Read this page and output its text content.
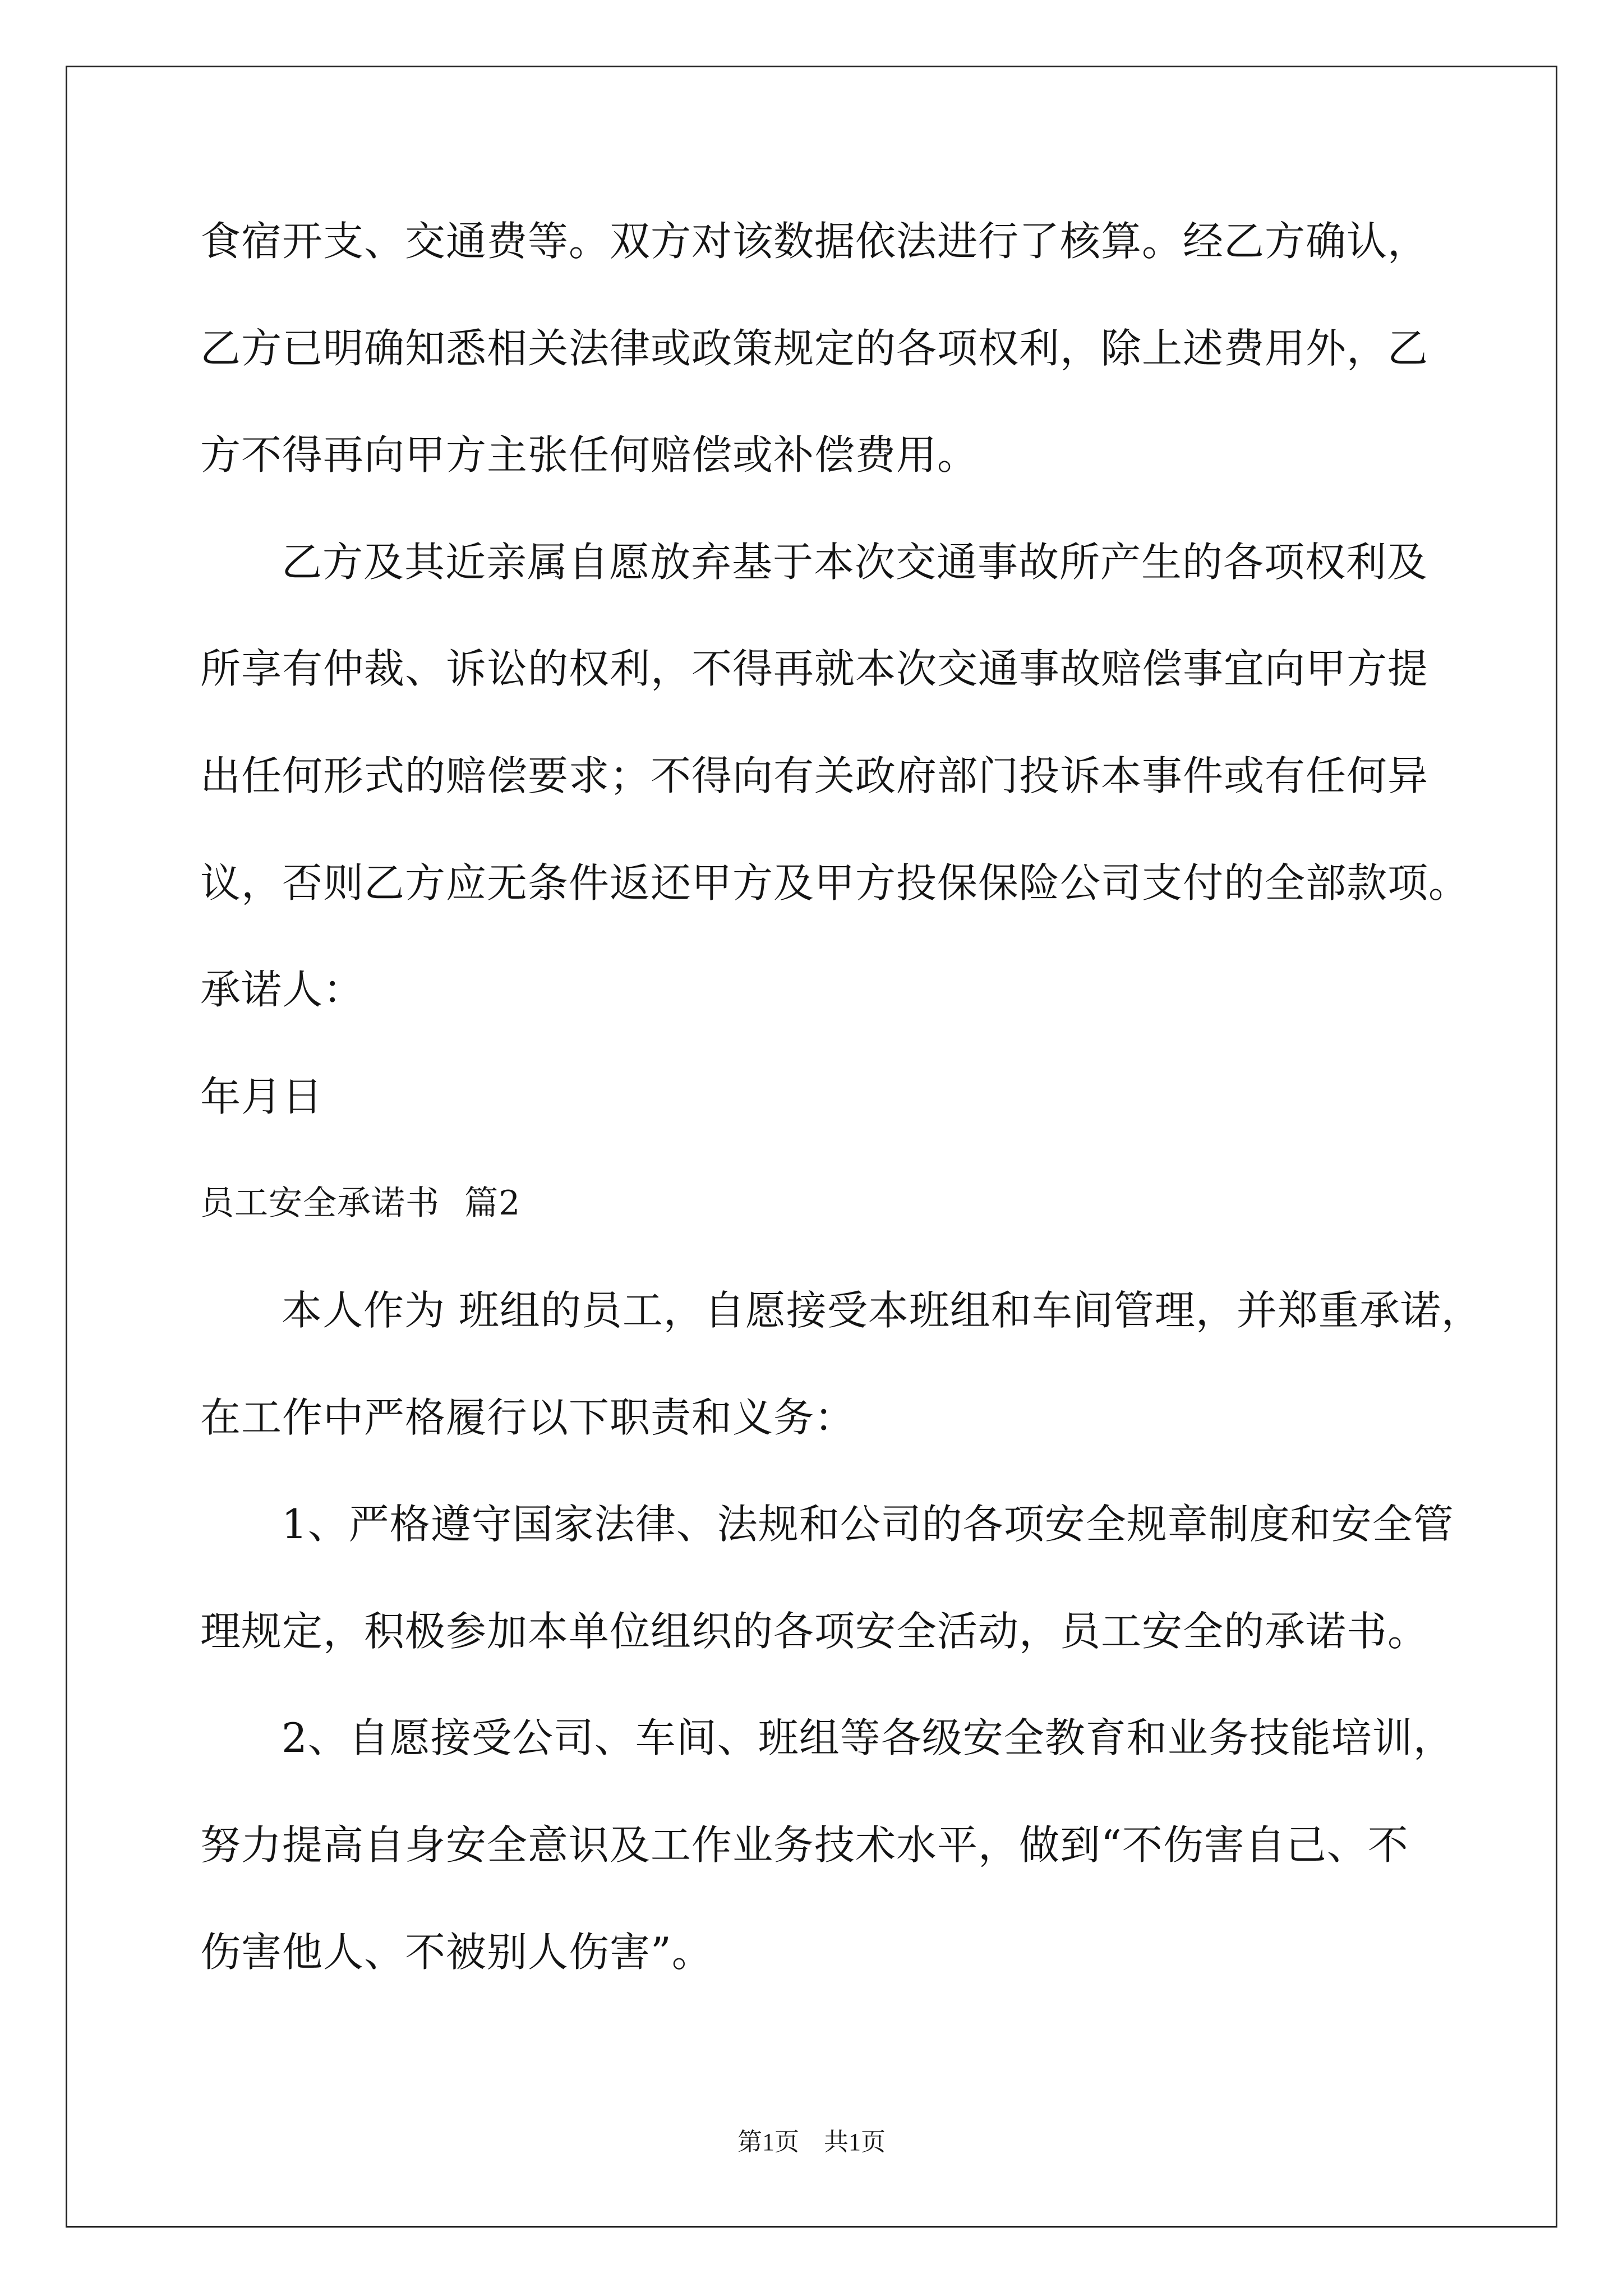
食宿开支、交通费等。双方对该数据依法进行了核算。经乙方确认，
乙方已明确知悉相关法律或政策规定的各项权利，除上述费用外，乙
方不得再向甲方主张任何赔偿或补偿费用。
乙方及其近亲属自愿放弃基于本次交通事故所产生的各项权利及
所享有仲裁、诉讼的权利，不得再就本次交通事故赔偿事宜向甲方提
出任何形式的赔偿要求；不得向有关政府部门投诉本事件或有任何异
议，否则乙方应无条件返还甲方及甲方投保保险公司支付的全部款项。
承诺人：
年月日
员工安全承诺书 篇2
本人作为 班组的员工，自愿接受本班组和车间管理，并郑重承诺，
在工作中严格履行以下职责和义务：
1、严格遵守国家法律、法规和公司的各项安全规章制度和安全管
理规定，积极参加本单位组织的各项安全活动，员工安全的承诺书。
2、自愿接受公司、车间、班组等各级安全教育和业务技能培训，
努力提高自身安全意识及工作业务技术水平，做到“不伤害自己、不
伤害他人、不被别人伤害”。
第1页　共1页
